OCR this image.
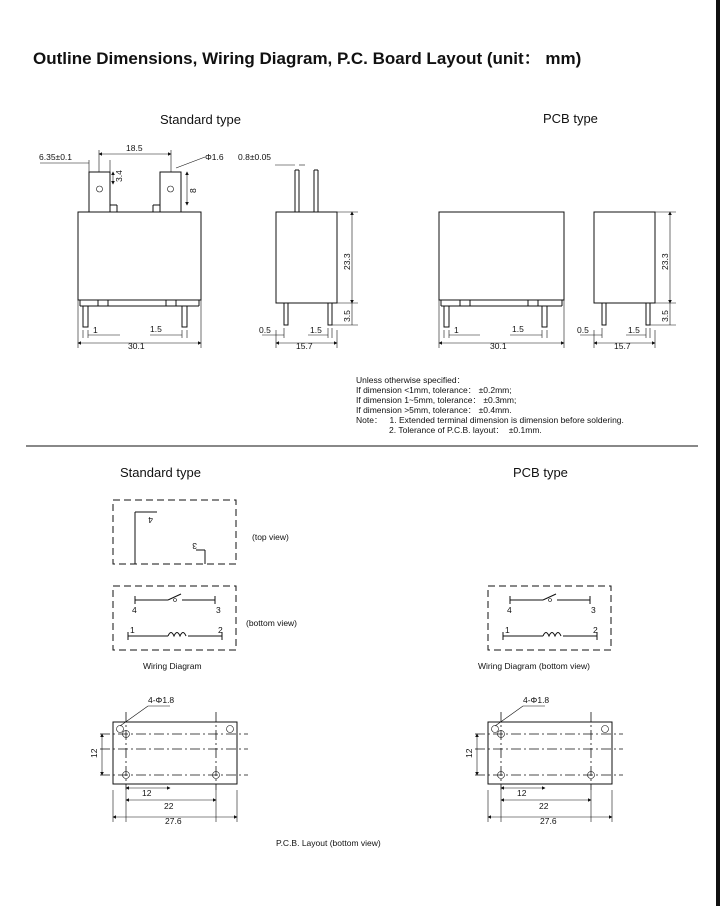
Outline Dimensions, Wiring Diagram, P.C. Board Layout (unit： mm)
Standard type	PCB type
6.35±0.1
18.5
Φ1.6
3.4
8
1	1.5
30.1
0.8±0.05
23.3
3.5
0.5	1.5
15.7
1	1.5
30.1
23.3
3.5
0.5	1.5
15.7
Unless otherwise specified：
If dimension <1mm, tolerance： ±0.2mm;
If dimension 1~5mm, tolerance： ±0.3mm;
If dimension >5mm, tolerance： ±0.4mm.
Note：   1. Extended terminal dimension is dimension before soldering.
2. Tolerance of P.C.B. layout：  ±0.1mm.
Standard type	PCB type
4
3
(top view)
4	3
1	2
(bottom view)
Wiring Diagram
4	3
1	2
Wiring Diagram (bottom view)
4-Φ1.8
12
12
22
27.6
4-Φ1.8
12
12
22
27.6
P.C.B. Layout (bottom view)
